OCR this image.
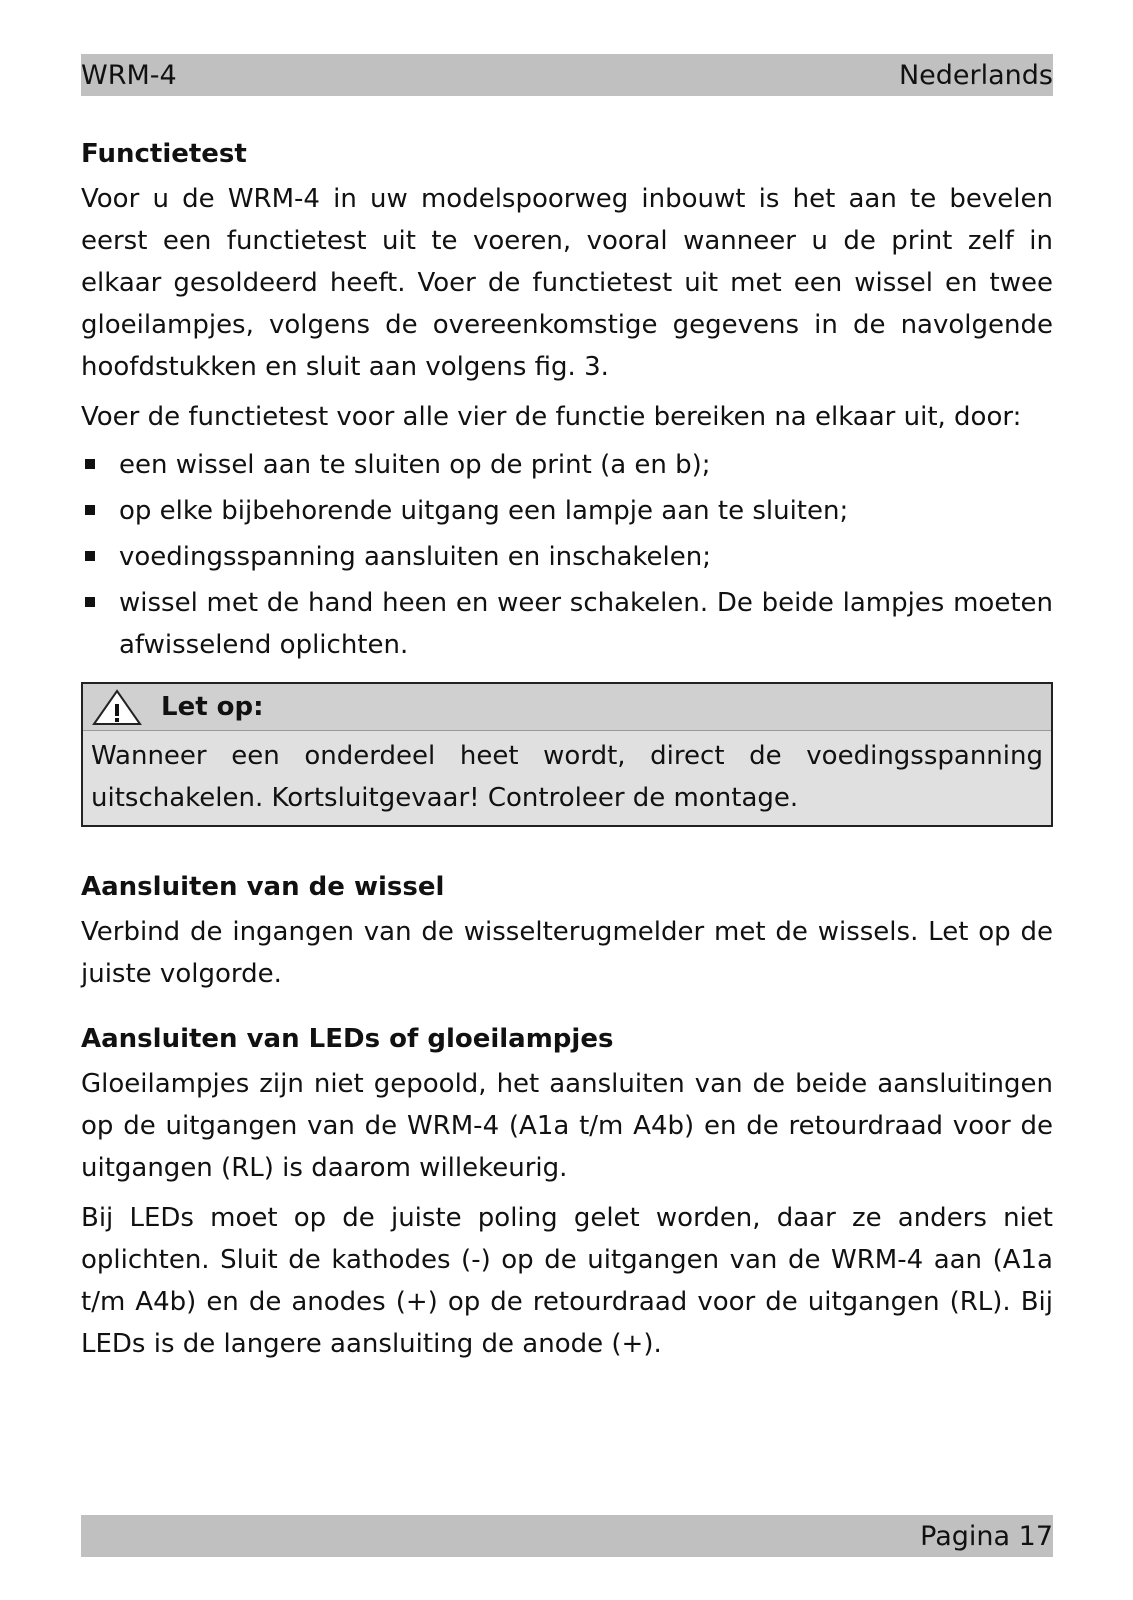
WRM-4	Nederlands
Functietest

Voor u de WRM-4 in uw modelspoorweg inbouwt is het aan te bevelen eerst een functietest uit te voeren, vooral wanneer u de print zelf in elkaar gesoldeerd heeft. Voer de functietest uit met een wissel en twee gloeilampjes, volgens de overeenkomstige gegevens in de navolgende hoofdstukken en sluit aan volgens fig. 3.

Voer de functietest voor alle vier de functie bereiken na elkaar uit, door:

een wissel aan te sluiten op de print (a en b);
op elke bijbehorende uitgang een lampje aan te sluiten;
voedingsspanning aansluiten en inschakelen;
wissel met de hand heen en weer schakelen. De beide lampjes moeten afwisselend oplichten.
Let op:

Wanneer een onderdeel heet wordt, direct de voedingsspanning uitschakelen. Kortsluitgevaar! Controleer de montage.

Aansluiten van de wissel

Verbind de ingangen van de wisselterugmelder met de wissels. Let op de juiste volgorde.

Aansluiten van LEDs of gloeilampjes

Gloeilampjes zijn niet gepoold, het aansluiten van de beide aansluitingen op de uitgangen van de WRM-4 (A1a t/m A4b) en de retourdraad voor de uitgangen (RL) is daarom willekeurig.

Bij LEDs moet op de juiste poling gelet worden, daar ze anders niet oplichten. Sluit de kathodes (-) op de uitgangen van de WRM-4 aan (A1a t/m A4b) en de anodes (+) op de retourdraad voor de uitgangen (RL). Bij LEDs is de langere aansluiting de anode (+).

Pagina 17
